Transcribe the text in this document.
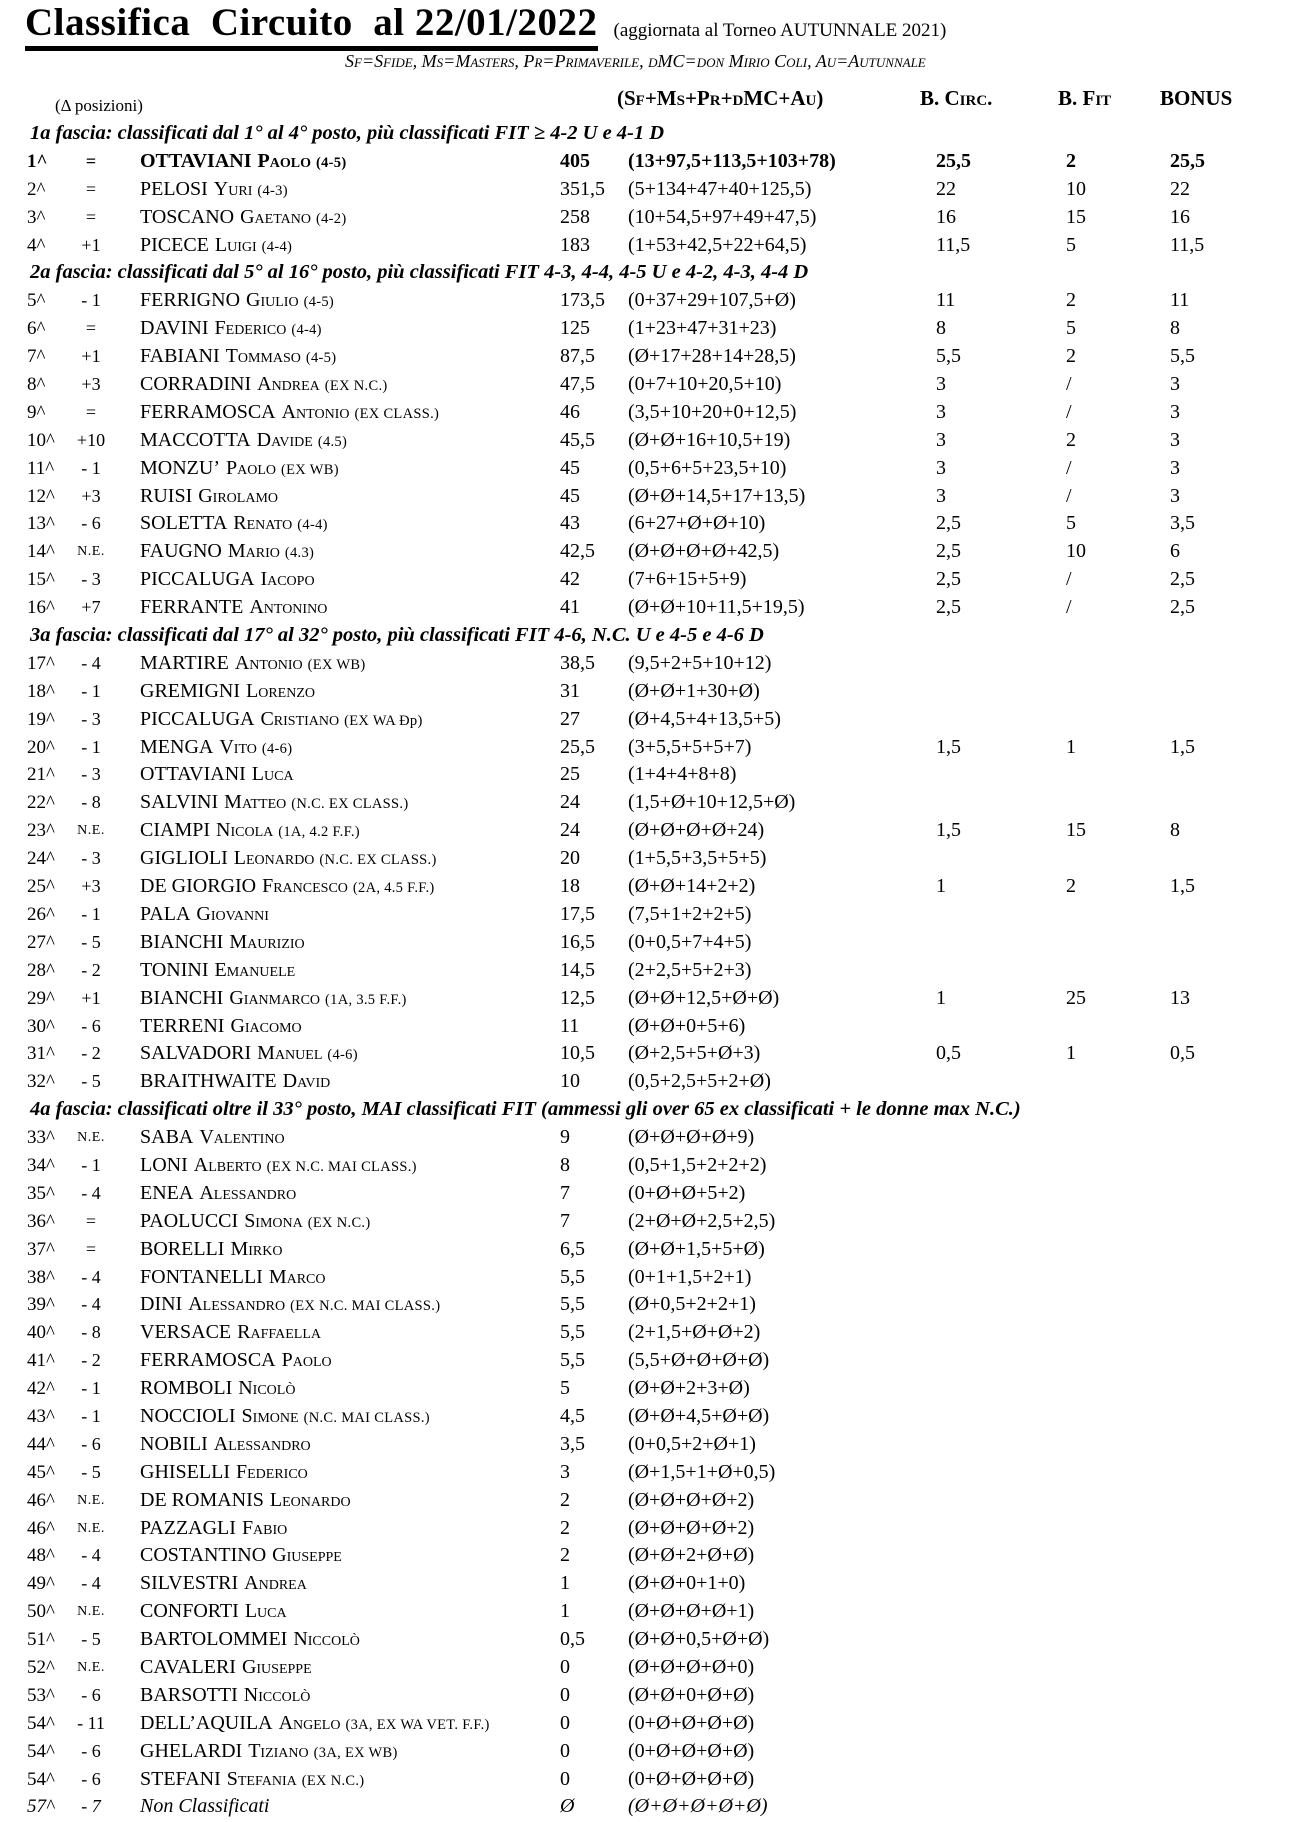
Classifica  Circuito  al 22/01/2022 (aggiornata al Torneo AUTUNNALE 2021)
Sf=Sfide, Ms=Masters, Pr=Primaverile, dMC=don Mirio Coli, Au=Autunnale
(Δ posizioni)	(Sf+Ms+Pr+dMC+Au)	B. Circ.	B. Fit BONUS
1a fascia: classificati dal 1° al 4° posto, più classificati FIT ≥ 4-2 U e 4-1 D
1^	=	OTTAVIANI Paolo (4-5)	405 (13+97,5+113,5+103+78)	25,5	2	25,5
2^	=	PELOSI Yuri (4-3)	351,5 (5+134+47+40+125,5)	22	10	22
3^	=	TOSCANO Gaetano (4-2)	258 (10+54,5+97+49+47,5)	16	15	16
4^	+1	PICECE Luigi (4-4)	183 (1+53+42,5+22+64,5)	11,5	5	11,5
2a fascia: classificati dal 5° al 16° posto, più classificati FIT 4-3, 4-4, 4-5 U e 4-2, 4-3, 4-4 D
5^	- 1	FERRIGNO Giulio (4-5)	173,5 (0+37+29+107,5+Ø)	11	2	11
6^	=	DAVINI Federico (4-4)	125 (1+23+47+31+23)	8	5	8
7^	+1	FABIANI Tommaso (4-5)	87,5 (Ø+17+28+14+28,5)	5,5	2	5,5
8^	+3	CORRADINI Andrea (EX N.C.)	47,5 (0+7+10+20,5+10)	3	/	3
9^	=	FERRAMOSCA Antonio (EX CLASS.)	46 (3,5+10+20+0+12,5)	3	/	3
10^	+10	MACCOTTA Davide (4.5)	45,5 (Ø+Ø+16+10,5+19)	3	2	3
11^	- 1	MONZU’ Paolo (EX WB)	45 (0,5+6+5+23,5+10)	3	/	3
12^	+3	RUISI Girolamo	45 (Ø+Ø+14,5+17+13,5)	3	/	3
13^	- 6	SOLETTA Renato (4-4)	43 (6+27+Ø+Ø+10)	2,5	5	3,5
14^	N.E.	FAUGNO Mario (4.3)	42,5 (Ø+Ø+Ø+Ø+42,5)	2,5	10	6
15^	- 3	PICCALUGA Iacopo	42 (7+6+15+5+9)	2,5	/	2,5
16^	+7	FERRANTE Antonino	41 (Ø+Ø+10+11,5+19,5)	2,5	/	2,5
3a fascia: classificati dal 17° al 32° posto, più classificati FIT 4-6, N.C. U e 4-5 e 4-6 D
17^	- 4	MARTIRE Antonio (EX WB)	38,5 (9,5+2+5+10+12)
18^	- 1	GREMIGNI Lorenzo	31 (Ø+Ø+1+30+Ø)
19^	- 3	PICCALUGA Cristiano (EX WA Ðp)	27 (Ø+4,5+4+13,5+5)
20^	- 1	MENGA Vito (4-6)	25,5 (3+5,5+5+5+7)	1,5	1	1,5
21^	- 3	OTTAVIANI Luca	25 (1+4+4+8+8)
22^	- 8	SALVINI Matteo (N.C. EX CLASS.)	24 (1,5+Ø+10+12,5+Ø)
23^	N.E.	CIAMPI Nicola (1A, 4.2 F.F.)	24 (Ø+Ø+Ø+Ø+24)	1,5	15	8
24^	- 3	GIGLIOLI Leonardo (N.C. EX CLASS.)	20 (1+5,5+3,5+5+5)
25^	+3	DE GIORGIO Francesco (2A, 4.5 F.F.)	18 (Ø+Ø+14+2+2)	1	2	1,5
26^	- 1	PALA Giovanni	17,5 (7,5+1+2+2+5)
27^	- 5	BIANCHI Maurizio	16,5 (0+0,5+7+4+5)
28^	- 2	TONINI Emanuele	14,5 (2+2,5+5+2+3)
29^	+1	BIANCHI Gianmarco (1A, 3.5 F.F.)	12,5 (Ø+Ø+12,5+Ø+Ø)	1	25	13
30^	- 6	TERRENI Giacomo	11 (Ø+Ø+0+5+6)
31^	- 2	SALVADORI Manuel (4-6)	10,5 (Ø+2,5+5+Ø+3)	0,5	1	0,5
32^	- 5	BRAITHWAITE David	10 (0,5+2,5+5+2+Ø)
4a fascia: classificati oltre il 33° posto, MAI classificati FIT (ammessi gli over 65 ex classificati + le donne max N.C.)
33^	N.E.	SABA Valentino	9	(Ø+Ø+Ø+Ø+9)
34^	- 1	LONI Alberto (EX N.C. MAI CLASS.)	8	(0,5+1,5+2+2+2)
35^	- 4	ENEA Alessandro	7	(0+Ø+Ø+5+2)
36^	=	PAOLUCCI Simona (EX N.C.)	7	(2+Ø+Ø+2,5+2,5)
37^	=	BORELLI Mirko	6,5 (Ø+Ø+1,5+5+Ø)
38^	- 4	FONTANELLI Marco	5,5 (0+1+1,5+2+1)
39^	- 4	DINI Alessandro (EX N.C. MAI CLASS.)	5,5 (Ø+0,5+2+2+1)
40^	- 8	VERSACE Raffaella	5,5 (2+1,5+Ø+Ø+2)
41^	- 2	FERRAMOSCA Paolo	5,5 (5,5+Ø+Ø+Ø+Ø)
42^	- 1	ROMBOLI Nicolò	5	(Ø+Ø+2+3+Ø)
43^	- 1	NOCCIOLI Simone (N.C. MAI CLASS.)	4,5 (Ø+Ø+4,5+Ø+Ø)
44^	- 6	NOBILI Alessandro	3,5 (0+0,5+2+Ø+1)
45^	- 5	GHISELLI Federico	3	(Ø+1,5+1+Ø+0,5)
46^	N.E.	DE ROMANIS Leonardo	2	(Ø+Ø+Ø+Ø+2)
46^	N.E.	PAZZAGLI Fabio	2	(Ø+Ø+Ø+Ø+2)
48^	- 4	COSTANTINO Giuseppe	2	(Ø+Ø+2+Ø+Ø)
49^	- 4	SILVESTRI Andrea	1	(Ø+Ø+0+1+0)
50^	N.E.	CONFORTI Luca	1	(Ø+Ø+Ø+Ø+1)
51^	- 5	BARTOLOMMEI Niccolò	0,5 (Ø+Ø+0,5+Ø+Ø)
52^	N.E.	CAVALERI Giuseppe	0	(Ø+Ø+Ø+Ø+0)
53^	- 6	BARSOTTI Niccolò	0	(Ø+Ø+0+Ø+Ø)
54^	- 11	DELL’AQUILA Angelo (3A, EX WA VET. F.F.)	0	(0+Ø+Ø+Ø+Ø)
54^	- 6	GHELARDI Tiziano (3A, EX WB)	0	(0+Ø+Ø+Ø+Ø)
54^	- 6	STEFANI Stefania (EX N.C.)	0	(0+Ø+Ø+Ø+Ø)
57^	- 7	Non Classificati	Ø	(Ø+Ø+Ø+Ø+Ø)
